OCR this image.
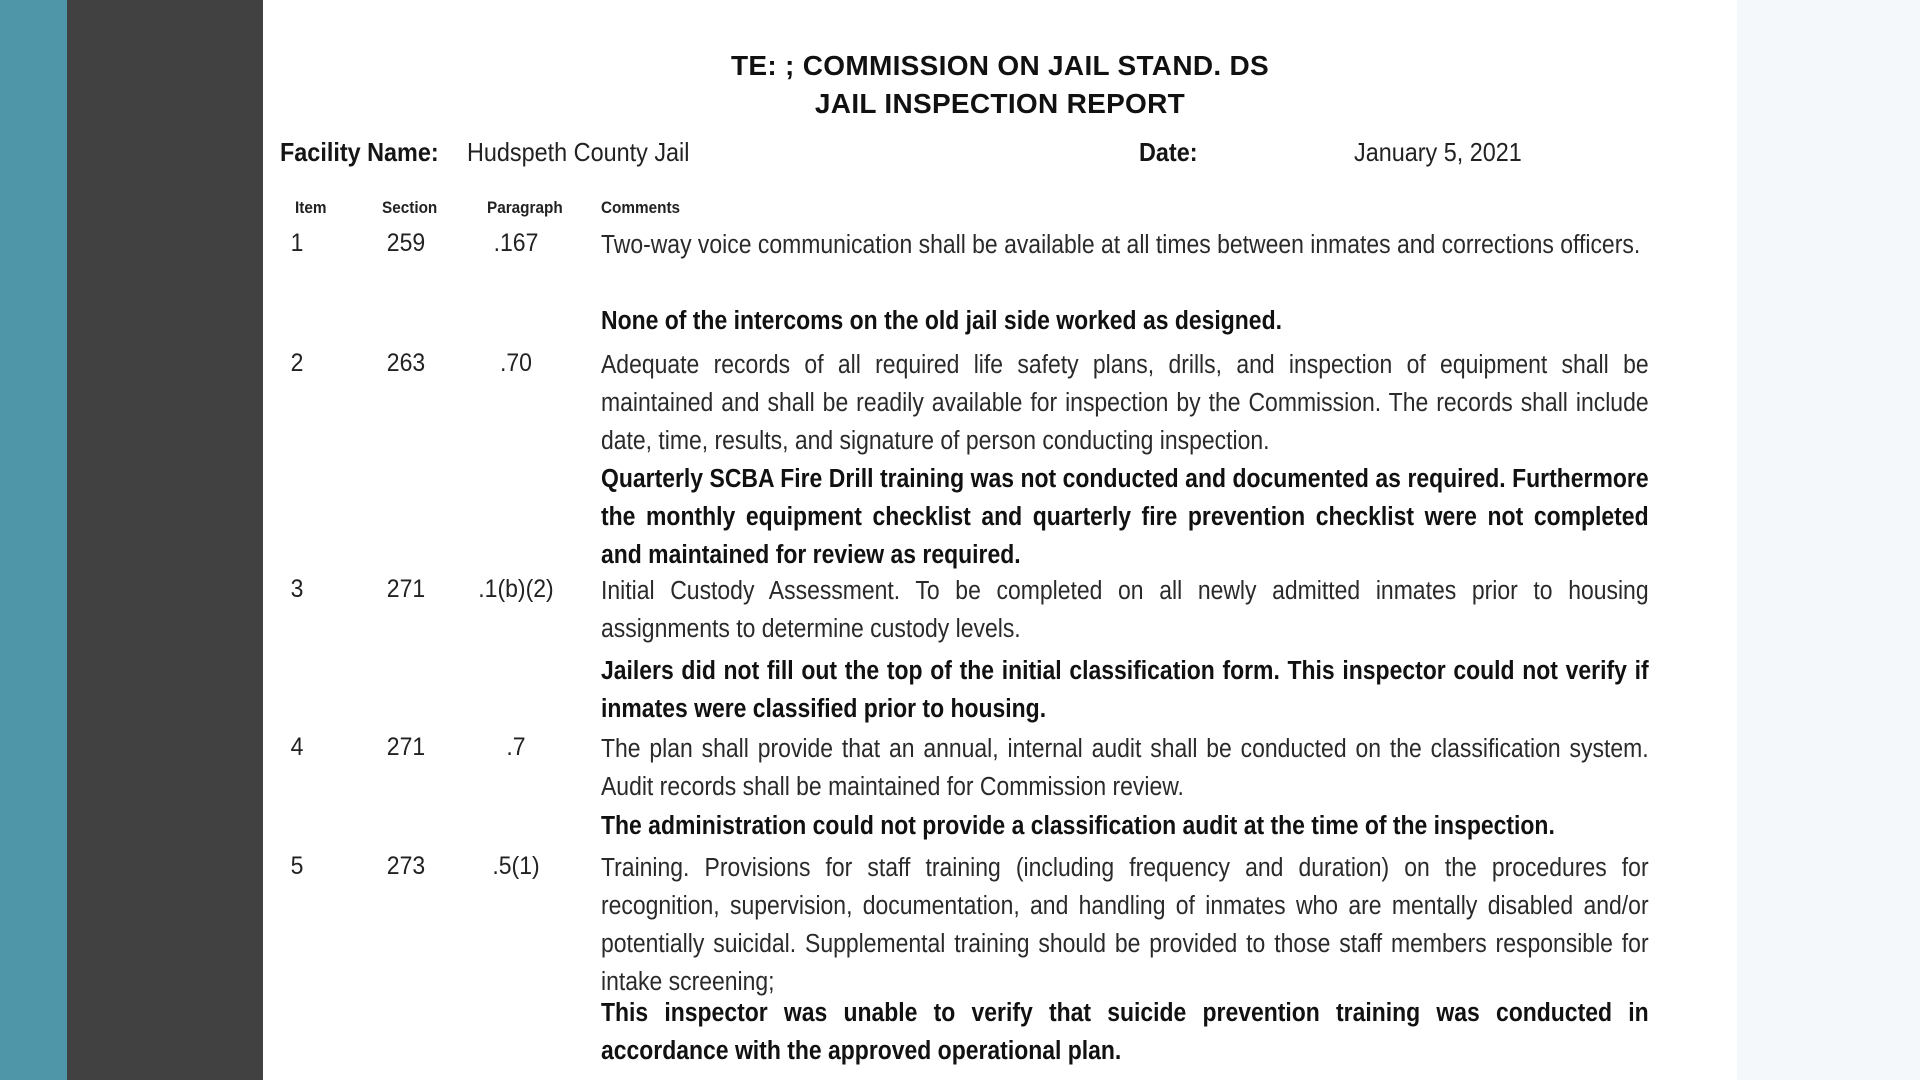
TE: ; COMMISSION ON JAIL STAND. DS
JAIL INSPECTION REPORT
Facility Name: Hudspeth County Jail	Date:	January 5, 2021
Item	Section	Paragraph Comments
1	259	.167	Two-way voice communication shall be available at all times between inmates and corrections officers.
None of the intercoms on the old jail side worked as designed.
2	263	.70	Adequate records of all required life safety plans, drills, and inspection of equipment shall be maintained and shall be readily available for inspection by the Commission. The records shall include date, time, results, and signature of person conducting inspection.
Quarterly SCBA Fire Drill training was not conducted and documented as required. Furthermore the monthly equipment checklist and quarterly fire prevention checklist were not completed and maintained for review as required.
3	271	.1(b)(2) Initial Custody Assessment. To be completed on all newly admitted inmates prior to housing assignments to determine custody levels.
Jailers did not fill out the top of the initial classification form. This inspector could not verify if inmates were classified prior to housing.
4	271	.7	The plan shall provide that an annual, internal audit shall be conducted on the classification system. Audit records shall be maintained for Commission review.
The administration could not provide a classification audit at the time of the inspection.
5	273	.5(1)	Training. Provisions for staff training (including frequency and duration) on the procedures for recognition, supervision, documentation, and handling of inmates who are mentally disabled and/or potentially suicidal. Supplemental training should be provided to those staff members responsible for intake screening;
This inspector was unable to verify that suicide prevention training was conducted in accordance with the approved operational plan.
